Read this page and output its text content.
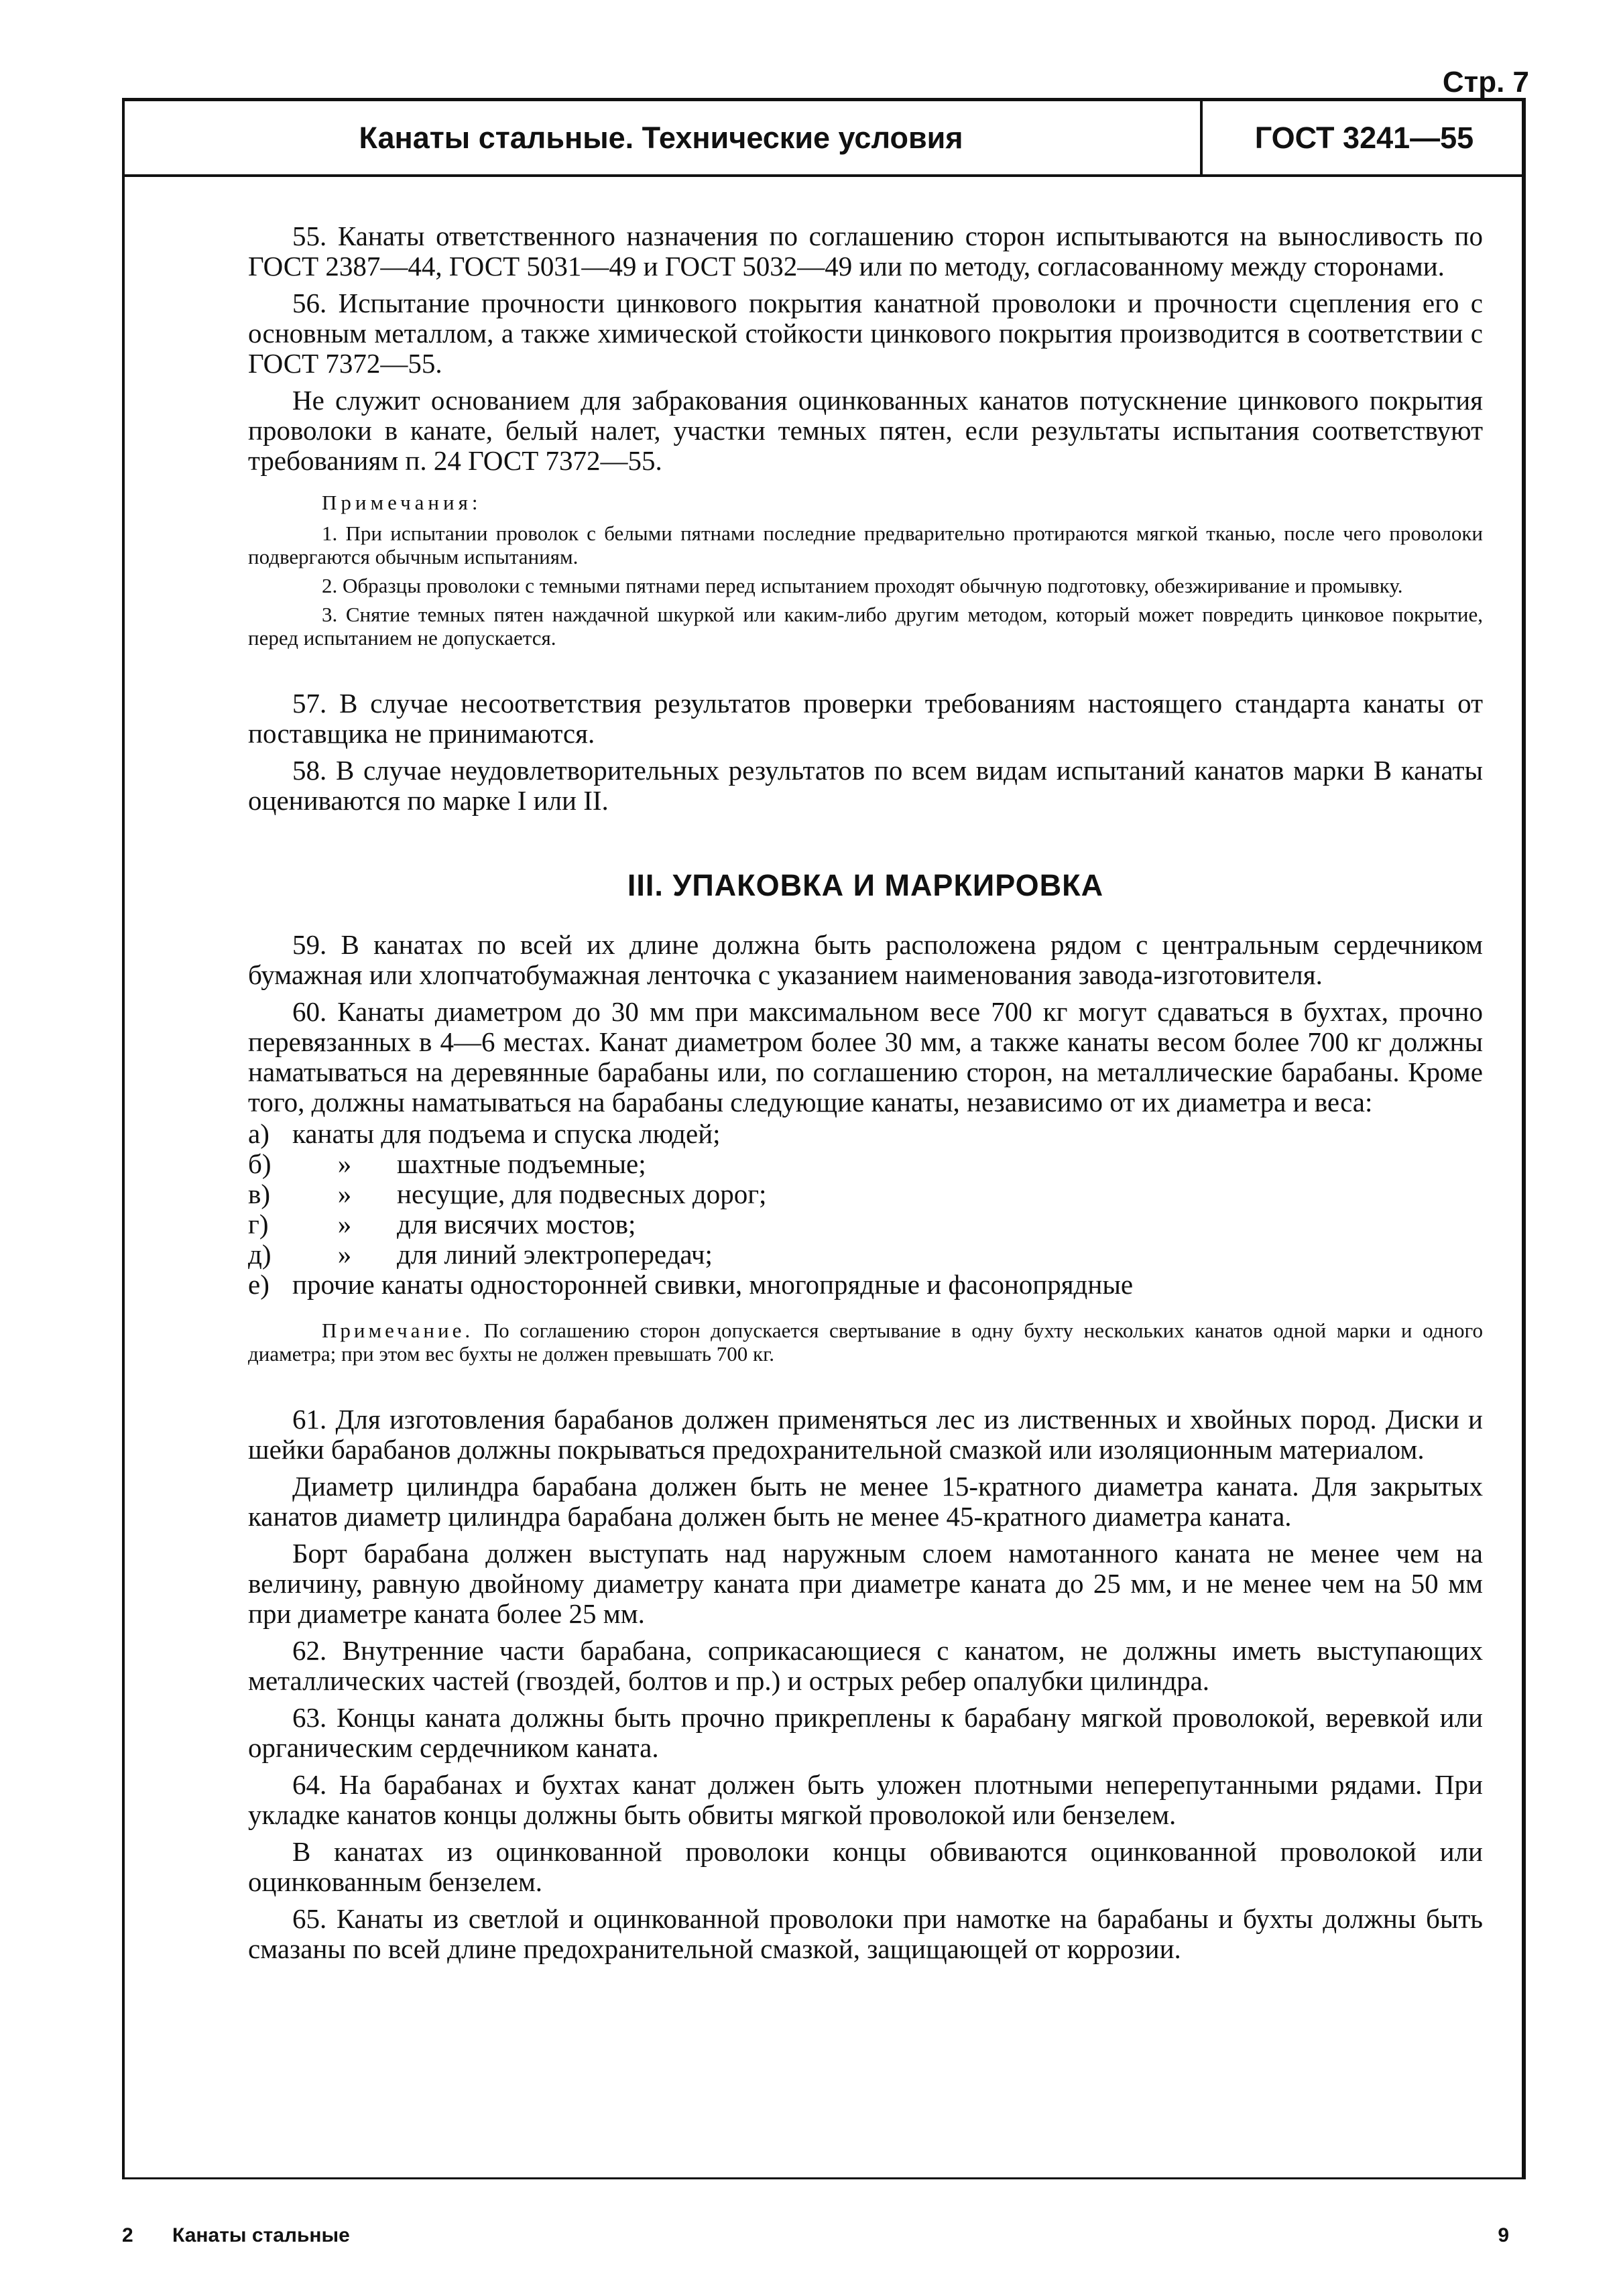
Стр. 7
Канаты стальные. Технические условия	ГОСТ 3241—55

55. Канаты ответственного назначения по соглашению сторон испытываются на выносливость по ГОСТ 2387—44, ГОСТ 5031—49 и ГОСТ 5032—49 или по методу, согласованному между сторонами.

56. Испытание прочности цинкового покрытия канатной проволоки и прочности сцепления его с основным металлом, а также химической стойкости цинкового покрытия производится в соответствии с ГОСТ 7372—55.

Не служит основанием для забракования оцинкованных канатов потускнение цинкового покрытия проволоки в канате, белый налет, участки темных пятен, если результаты испытания соответствуют требованиям п. 24 ГОСТ 7372—55.

Примечания:

1. При испытании проволок с белыми пятнами последние предварительно протираются мягкой тканью, после чего проволоки подвергаются обычным испытаниям.

2. Образцы проволоки с темными пятнами перед испытанием проходят обычную подготовку, обезжиривание и промывку.

3. Снятие темных пятен наждачной шкуркой или каким-либо другим методом, который может повредить цинковое покрытие, перед испытанием не допускается.

57. В случае несоответствия результатов проверки требованиям настоящего стандарта канаты от поставщика не принимаются.

58. В случае неудовлетворительных результатов по всем видам испытаний канатов марки В канаты оцениваются по марке I или II.

III. УПАКОВКА И МАРКИРОВКА

59. В канатах по всей их длине должна быть расположена рядом с центральным сердечником бумажная или хлопчатобумажная ленточка с указанием наименования завода-изготовителя.

60. Канаты диаметром до 30 мм при максимальном весе 700 кг могут сдаваться в бухтах, прочно перевязанных в 4—6 местах. Канат диаметром более 30 мм, а также канаты весом более 700 кг должны наматываться на деревянные барабаны или, по соглашению сторон, на металлические барабаны. Кроме того, должны наматываться на барабаны следующие канаты, независимо от их диаметра и веса:

а) канаты для подъема и спуска людей;
б)	»	шахтные подъемные;
в)	»	несущие, для подвесных дорог;
г)	»	для висячих мостов;
д)	»	для линий электропередач;
е) прочие канаты односторонней свивки, многопрядные и фасонопрядные
Примечание. По соглашению сторон допускается свертывание в одну бухту нескольких канатов одной марки и одного диаметра; при этом вес бухты не должен превышать 700 кг.

61. Для изготовления барабанов должен применяться лес из лиственных и хвойных пород. Диски и шейки барабанов должны покрываться предохранительной смазкой или изоляционным материалом.

Диаметр цилиндра барабана должен быть не менее 15-кратного диаметра каната. Для закрытых канатов диаметр цилиндра барабана должен быть не менее 45-кратного диаметра каната.

Борт барабана должен выступать над наружным слоем намотанного каната не менее чем на величину, равную двойному диаметру каната при диаметре каната до 25 мм, и не менее чем на 50 мм при диаметре каната более 25 мм.

62. Внутренние части барабана, соприкасающиеся с канатом, не должны иметь выступающих металлических частей (гвоздей, болтов и пр.) и острых ребер опалубки цилиндра.

63. Концы каната должны быть прочно прикреплены к барабану мягкой проволокой, веревкой или органическим сердечником каната.

64. На барабанах и бухтах канат должен быть уложен плотными неперепутанными рядами. При укладке канатов концы должны быть обвиты мягкой проволокой или бензелем.

В канатах из оцинкованной проволоки концы обвиваются оцинкованной проволокой или оцинкованным бензелем.

65. Канаты из светлой и оцинкованной проволоки при намотке на барабаны и бухты должны быть смазаны по всей длине предохранительной смазкой, защищающей от коррозии.

2 Канаты стальные	9
